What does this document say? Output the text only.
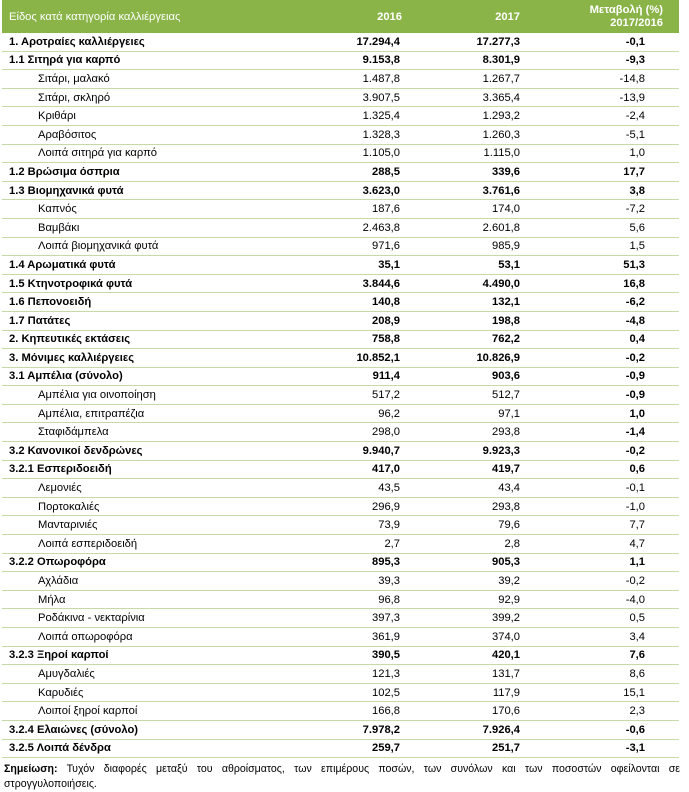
Είδος κατά κατηγορία καλλιέργειας	2016	2017	Μεταβολή (%)
2017/2016
1. Αροτραίες καλλιέργειες	17.294,4	17.277,3	-0,1
1.1 Σιτηρά για καρπό	9.153,8	8.301,9	-9,3
Σιτάρι, μαλακό	1.487,8	1.267,7	-14,8
Σιτάρι, σκληρό	3.907,5	3.365,4	-13,9
Κριθάρι	1.325,4	1.293,2	-2,4
Αραβόσιτος	1.328,3	1.260,3	-5,1
Λοιπά σιτηρά για καρπό	1.105,0	1.115,0	1,0
1.2 Βρώσιμα όσπρια	288,5	339,6	17,7
1.3 Βιομηχανικά φυτά	3.623,0	3.761,6	3,8
Καπνός	187,6	174,0	-7,2
Βαμβάκι	2.463,8	2.601,8	5,6
Λοιπά βιομηχανικά φυτά	971,6	985,9	1,5
1.4 Αρωματικά φυτά	35,1	53,1	51,3
1.5 Κτηνοτροφικά φυτά	3.844,6	4.490,0	16,8
1.6 Πεπονοειδή	140,8	132,1	-6,2
1.7 Πατάτες	208,9	198,8	-4,8
2. Κηπευτικές εκτάσεις	758,8	762,2	0,4
3. Μόνιμες καλλιέργειες	10.852,1	10.826,9	-0,2
3.1 Αμπέλια (σύνολο)	911,4	903,6	-0,9
Αμπέλια για οινοποίηση	517,2	512,7	-0,9
Αμπέλια, επιτραπέζια	96,2	97,1	1,0
Σταφιδάμπελα	298,0	293,8	-1,4
3.2 Κανονικοί δενδρώνες	9.940,7	9.923,3	-0,2
3.2.1 Εσπεριδοειδή	417,0	419,7	0,6
Λεμονιές	43,5	43,4	-0,1
Πορτοκαλιές	296,9	293,8	-1,0
Μανταρινιές	73,9	79,6	7,7
Λοιπά εσπεριδοειδή	2,7	2,8	4,7
3.2.2 Οπωροφόρα	895,3	905,3	1,1
Αχλάδια	39,3	39,2	-0,2
Μήλα	96,8	92,9	-4,0
Ροδάκινα - νεκταρίνια	397,3	399,2	0,5
Λοιπά οπωροφόρα	361,9	374,0	3,4
3.2.3 Ξηροί καρποί	390,5	420,1	7,6
Αμυγδαλιές	121,3	131,7	8,6
Καρυδιές	102,5	117,9	15,1
Λοιποί ξηροί καρποί	166,8	170,6	2,3
3.2.4 Ελαιώνες (σύνολο)	7.978,2	7.926,4	-0,6
3.2.5 Λοιπά δένδρα	259,7	251,7	-3,1
Σημείωση: Τυχόν διαφορές μεταξύ του αθροίσματος, των επιμέρους ποσών, των συνόλων και των ποσοστών οφείλονται σε στρογγυλοποιήσεις.
